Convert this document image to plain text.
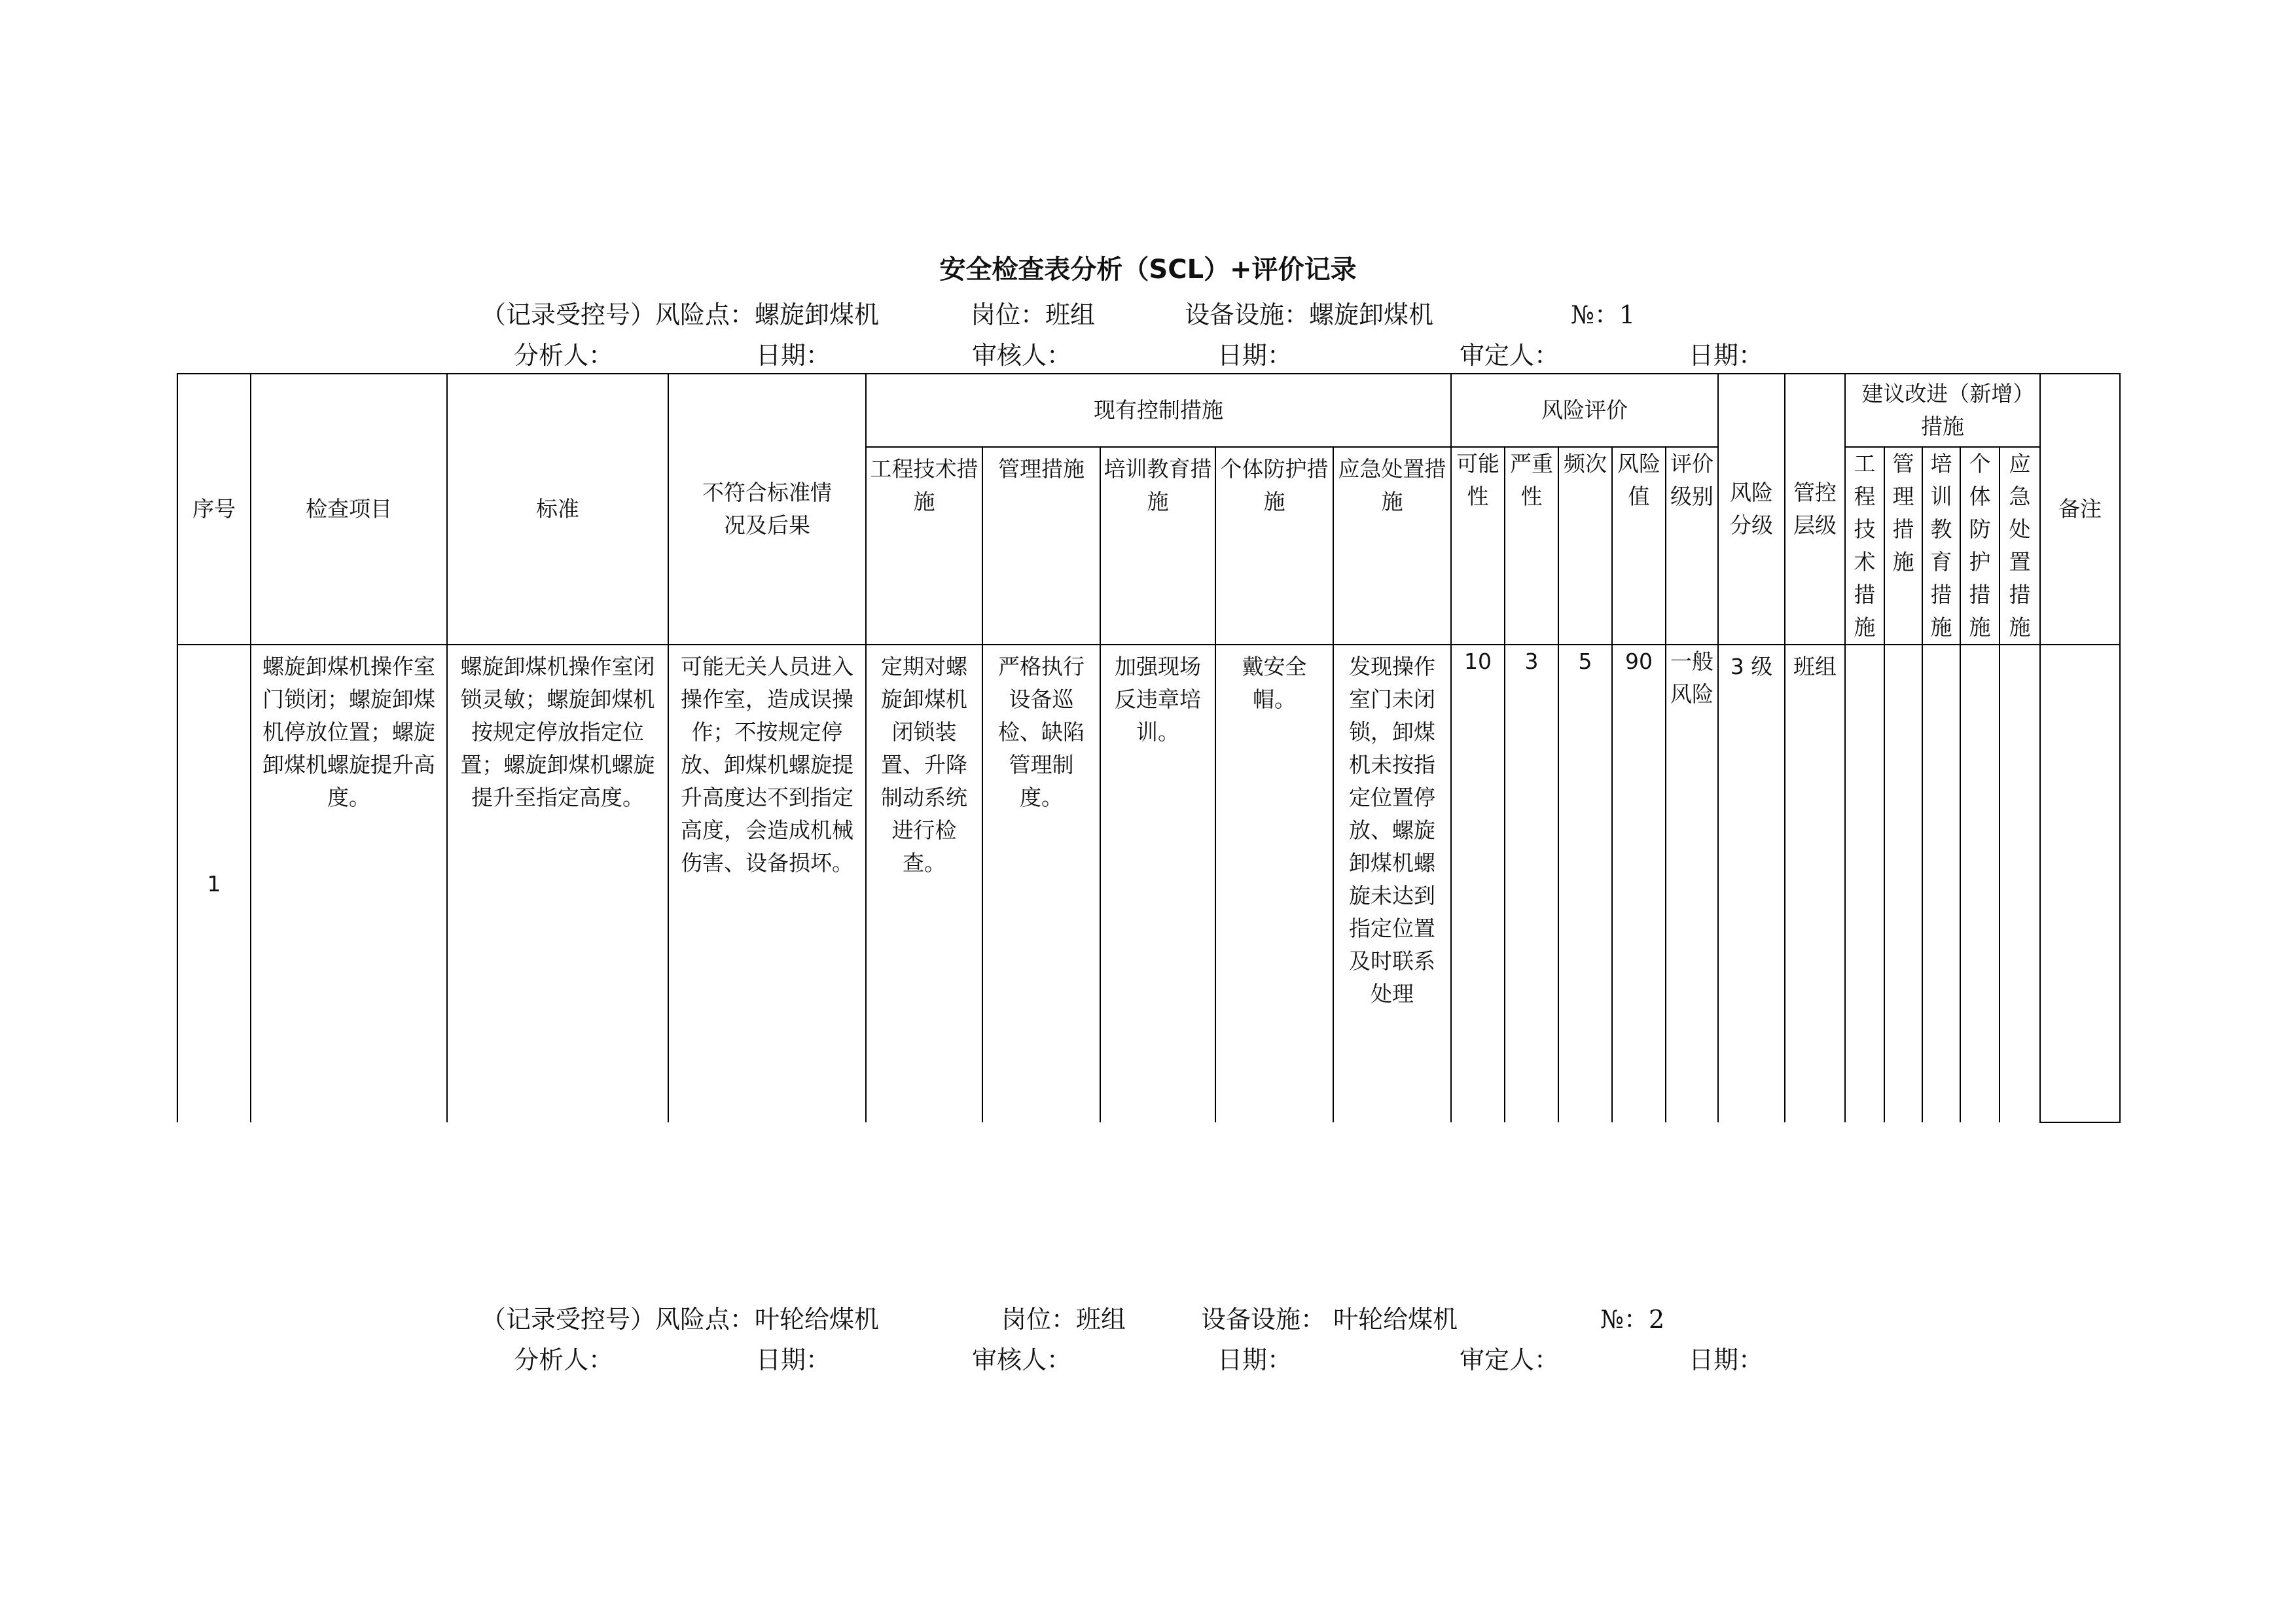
安全检查表分析（SCL）+评价记录
（记录受控号）风险点：螺旋卸煤机	岗位：班组	设备设施：螺旋卸煤机	№：1
分析人：	日期：	审核人：	日期：	审定人：	日期：
序号	检查项目	标准	不符合标准情况及后果	现有控制措施					风险评价					风险分级	管控层级	建议改进（新增）措施					备注
				工程技术措施	管理措施	培训教育措施	个体防护措施	应急处置措施	可能性	严重性	频次	风险值	评价级别			工程技术措施	管理措施	培训教育措施	个体防护措施	应急处置措施	
1	螺旋卸煤机操作室门锁闭；螺旋卸煤机停放位置；螺旋卸煤机螺旋提升高度。	螺旋卸煤机操作室闭锁灵敏；螺旋卸煤机按规定停放指定位置；螺旋卸煤机螺旋提升至指定高度。	可能无关人员进入操作室，造成误操作；不按规定停放、卸煤机螺旋提升高度达不到指定高度，会造成机械伤害、设备损坏。	定期对螺旋卸煤机闭锁装置、升降制动系统进行检查。	严格执行设备巡检、缺陷管理制度。	加强现场反违章培训。	戴安全帽。	发现操作室门未闭锁，卸煤机未按指定位置停放、螺旋卸煤机螺旋未达到指定位置及时联系处理	10	3	5	90	一般风险	3 级	班组						
（记录受控号）风险点：叶轮给煤机	岗位：班组	设备设施： 叶轮给煤机	№：2
分析人：	日期：	审核人：	日期：	审定人：	日期：
